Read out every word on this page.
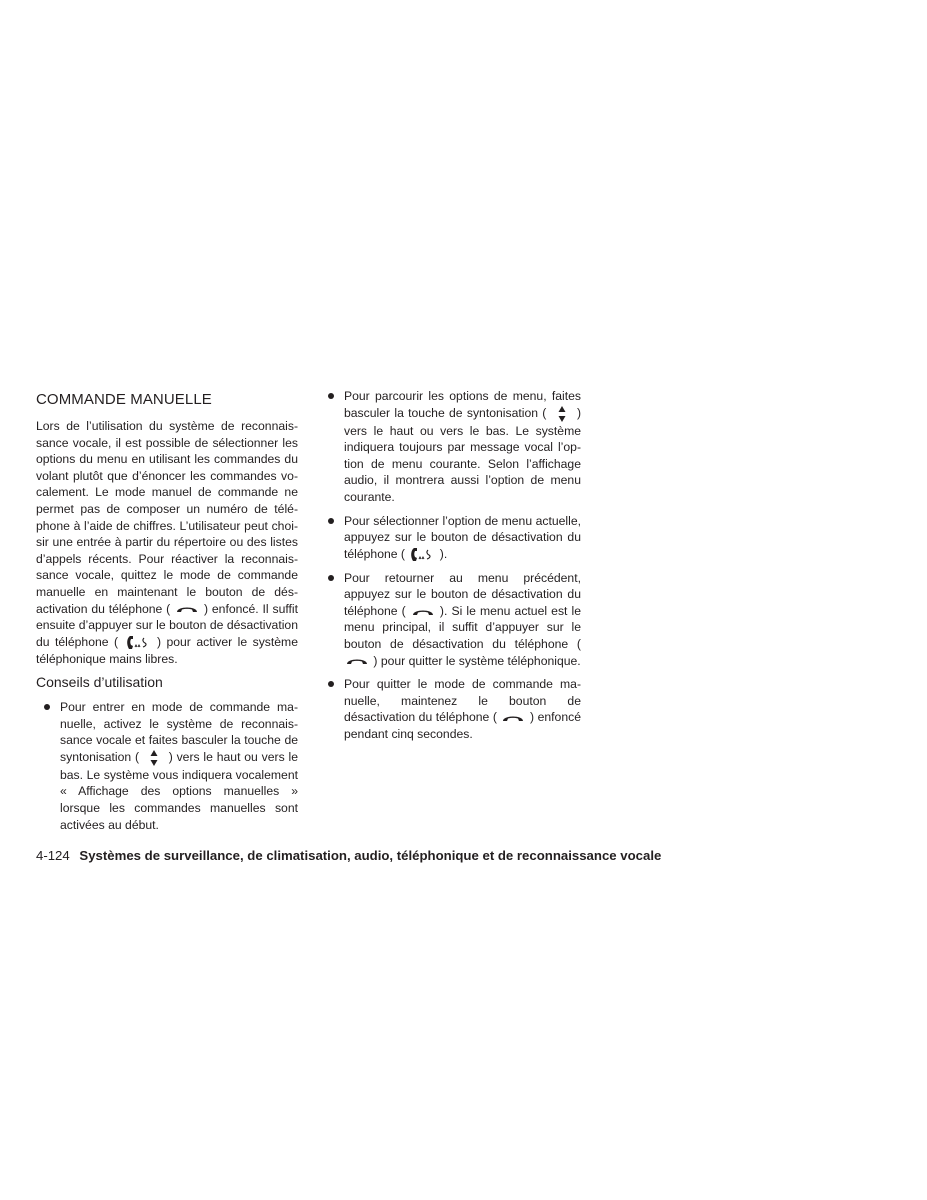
COMMANDE MANUELLE

Lors de l’utilisation du système de reconnaissance vocale, il est possible de sélectionner les options du menu en utilisant les commandes du volant plutôt que d’énoncer les commandes vocalement. Le mode manuel de commande ne permet pas de composer un numéro de téléphone à l’aide de chiffres. L’utilisateur peut choisir une entrée à partir du répertoire ou des listes d’appels récents. Pour réactiver la reconnaissance vocale, quittez le mode de commande manuelle en maintenant le bouton de désactivation du téléphone (	) enfoncé. Il suffit ensuite d’appuyer sur le bouton de désactivation du téléphone (	) pour activer le système téléphonique mains libres.

Conseils d’utilisation
Pour entrer en mode de commande manuelle, activez le système de reconnaissance vocale et faites basculer la touche de syntonisation ( ) vers le haut ou vers le bas. Le système vous indiquera vocalement « Affichage des options manuelles » lorsque les commandes manuelles sont activées au début.
Pour parcourir les options de menu, faites basculer la touche de syntonisation (	) vers le haut ou vers le bas. Le système indiquera toujours par message vocal l’option de menu courante. Selon l’affichage audio, il montrera aussi l’option de menu courante.
Pour sélectionner l’option de menu actuelle, appuyez sur le bouton de désactivation du téléphone (	).
Pour retourner au menu précédent, appuyez sur le bouton de désactivation du téléphone (	). Si le menu actuel est le menu principal, il suffit d’appuyer sur le bouton de désactivation du téléphone (
) pour quitter le système téléphonique.
Pour quitter le mode de commande manuelle, maintenez le bouton de désactivation du téléphone (	) enfoncé pendant cinq secondes.
4-124 Systèmes de surveillance, de climatisation, audio, téléphonique et de reconnaissance vocale
